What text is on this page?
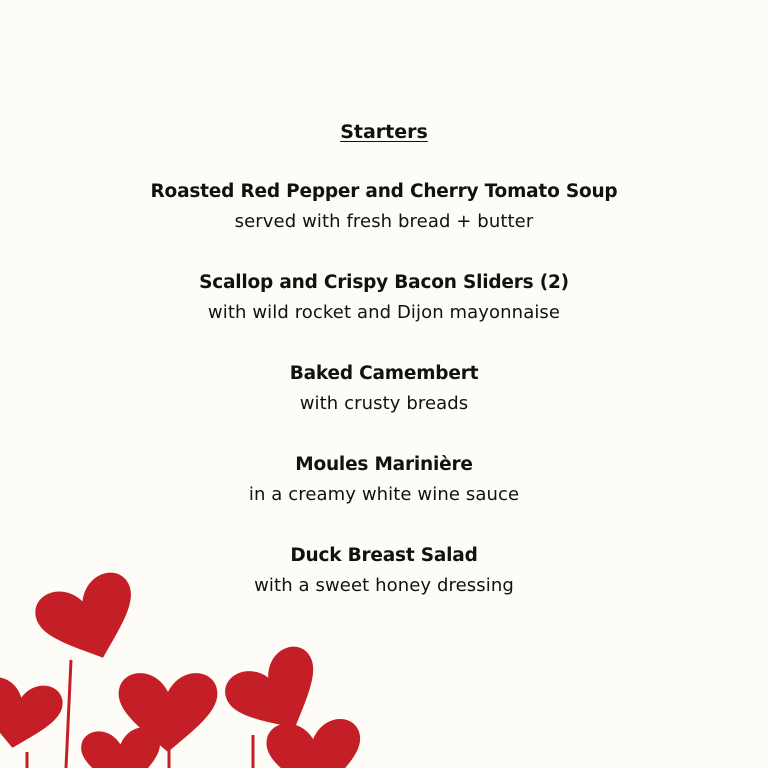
Starters
Roasted Red Pepper and Cherry Tomato Soup
served with fresh bread + butter
Scallop and Crispy Bacon Sliders (2)
with wild rocket and Dijon mayonnaise
Baked Camembert
with crusty breads
Moules Marinière
in a creamy white wine sauce
Duck Breast Salad
with a sweet honey dressing
